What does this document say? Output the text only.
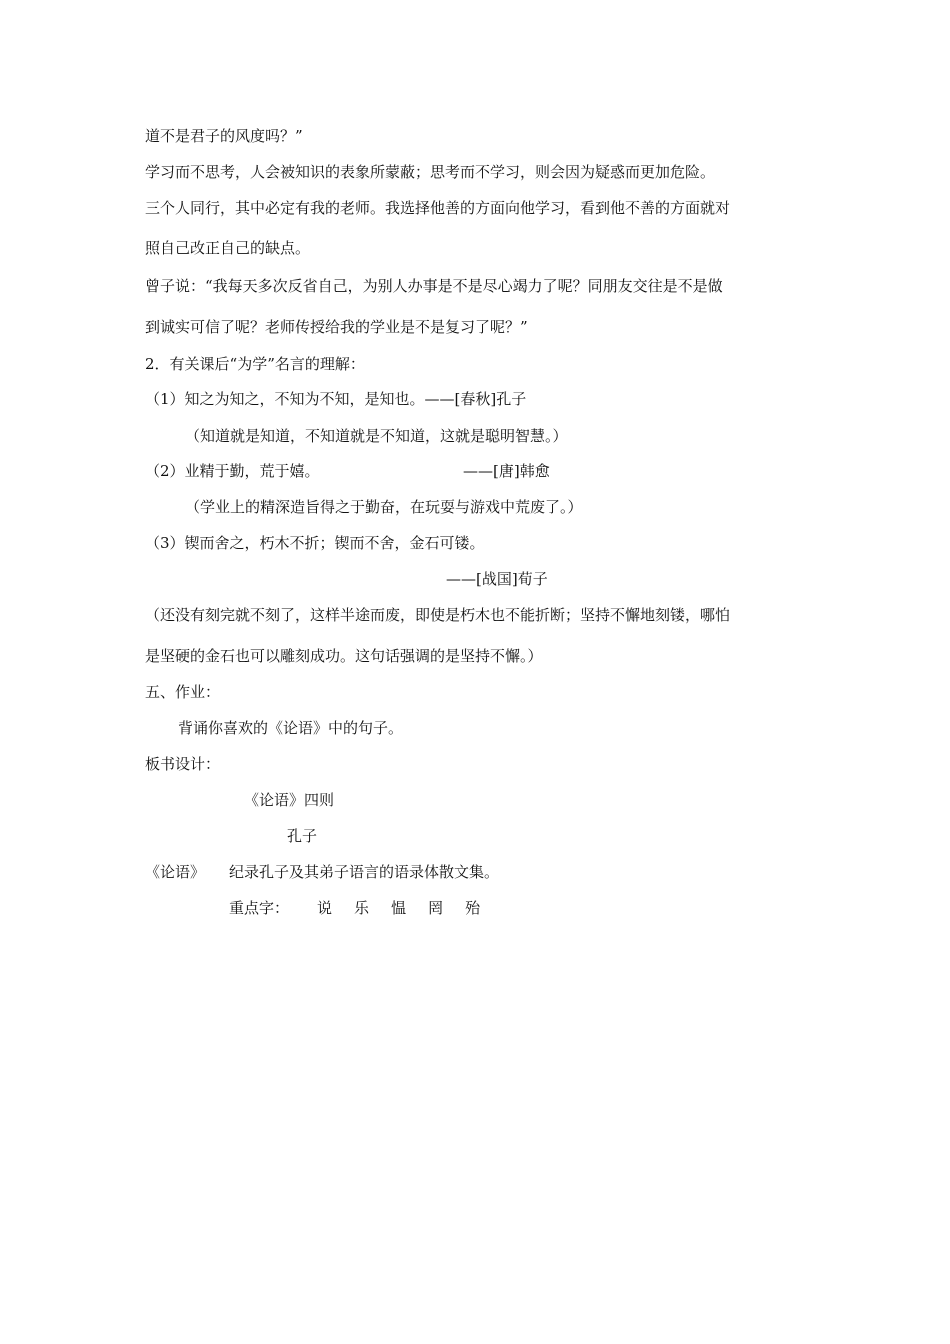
道不是君子的风度吗？”
学习而不思考，人会被知识的表象所蒙蔽；思考而不学习，则会因为疑惑而更加危险。
三个人同行，其中必定有我的老师。我选择他善的方面向他学习，看到他不善的方面就对
照自己改正自己的缺点。
曾子说：“我每天多次反省自己，为别人办事是不是尽心竭力了呢？同朋友交往是不是做
到诚实可信了呢？老师传授给我的学业是不是复习了呢？”
2．有关课后“为学”名言的理解：
（1）知之为知之，不知为不知，是知也。——[春秋]孔子
（知道就是知道，不知道就是不知道，这就是聪明智慧。）
（2）业精于勤，荒于嬉。	——[唐]韩愈
（学业上的精深造旨得之于勤奋，在玩耍与游戏中荒废了。）
（3）锲而舍之，朽木不折；锲而不舍，金石可镂。
——[战国]荀子
（还没有刻完就不刻了，这样半途而废，即使是朽木也不能折断；坚持不懈地刻镂，哪怕
是坚硬的金石也可以雕刻成功。这句话强调的是坚持不懈。）
五、作业：
背诵你喜欢的《论语》中的句子。
板书设计：
《论语》四则
孔子
《论语》 纪录孔子及其弟子语言的语录体散文集。
重点字： 说 乐 愠 罔 殆
